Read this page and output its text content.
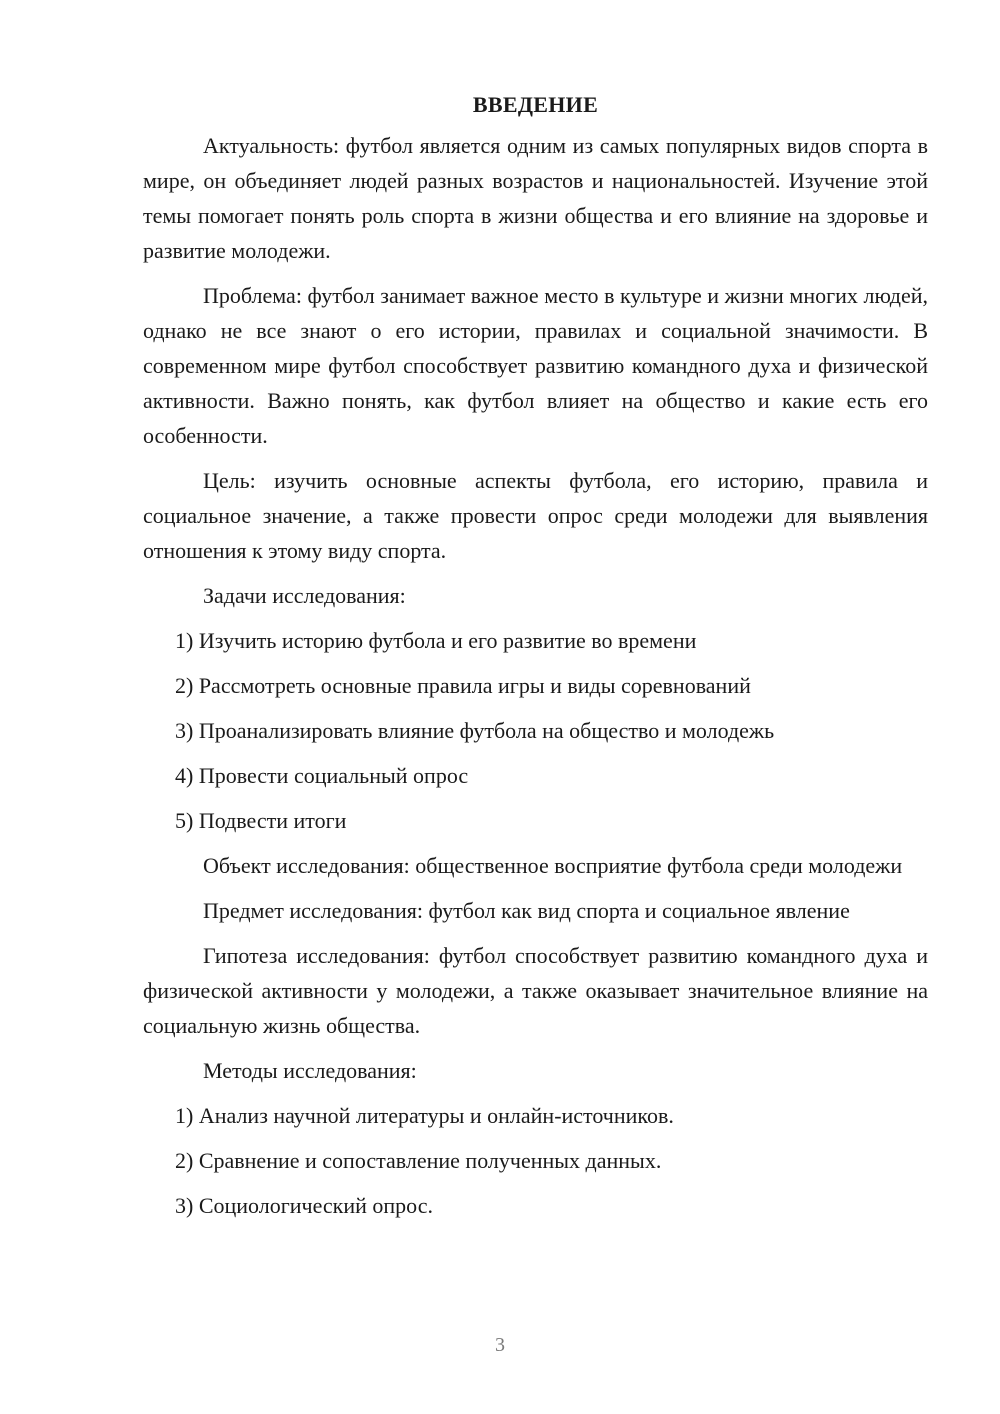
ВВЕДЕНИЕ

Актуальность: футбол является одним из самых популярных видов спорта в мире, он объединяет людей разных возрастов и национальностей. Изучение этой темы помогает понять роль спорта в жизни общества и его влияние на здоровье и развитие молодежи.

Проблема: футбол занимает важное место в культуре и жизни многих людей, однако не все знают о его истории, правилах и социальной значимости. В современном мире футбол способствует развитию командного духа и физической активности. Важно понять, как футбол влияет на общество и какие есть его особенности.

Цель: изучить основные аспекты футбола, его историю, правила и социальное значение, а также провести опрос среди молодежи для выявления отношения к этому виду спорта.

Задачи исследования:
1) Изучить историю футбола и его развитие во времени
2) Рассмотреть основные правила игры и виды соревнований
3) Проанализировать влияние футбола на общество и молодежь
4) Провести социальный опрос
5) Подвести итоги

Объект исследования: общественное восприятие футбола среди молодежи

Предмет исследования: футбол как вид спорта и социальное явление

Гипотеза исследования: футбол способствует развитию командного духа и физической активности у молодежи, а также оказывает значительное влияние на социальную жизнь общества.

Методы исследования:
1) Анализ научной литературы и онлайн-источников.
2) Сравнение и сопоставление полученных данных.
3) Социологический опрос.
3
